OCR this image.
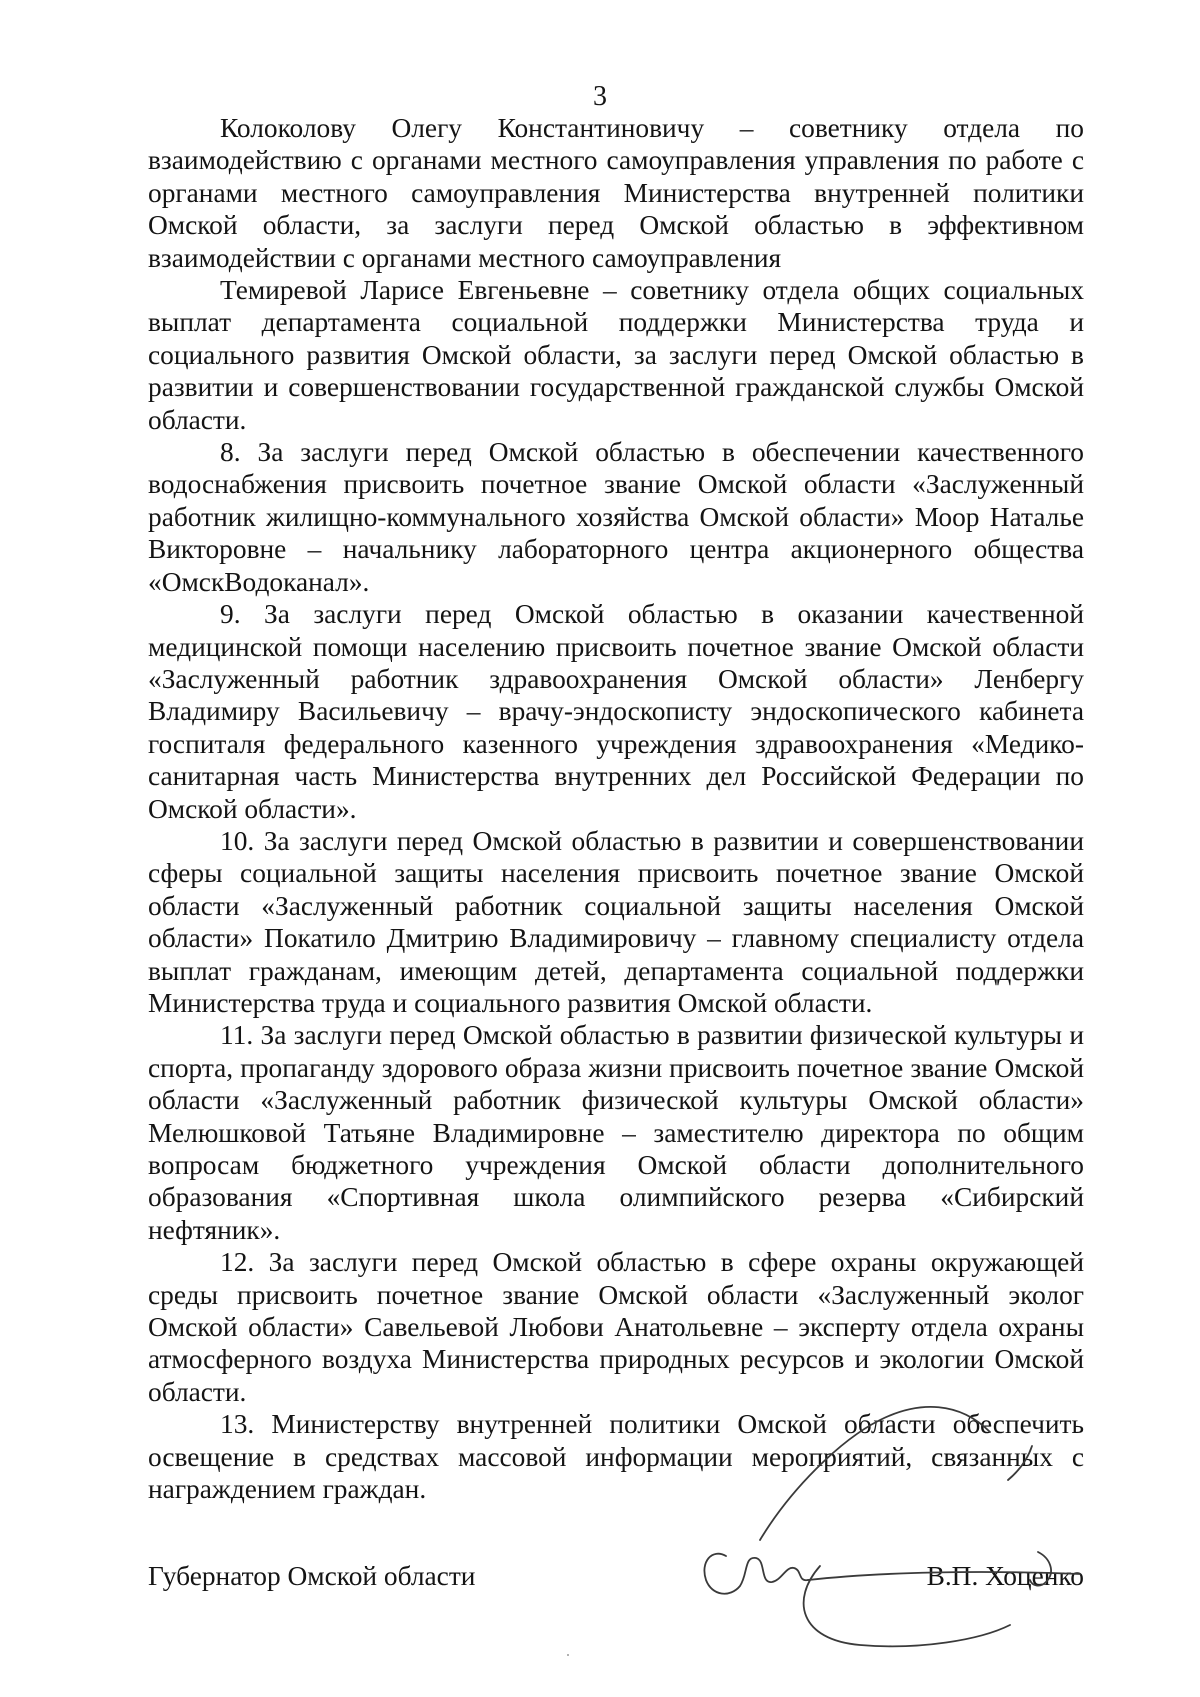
3

Колоколову Олегу Константиновичу – советнику отдела по взаимодействию с органами местного самоуправления управления по работе с органами местного самоуправления Министерства внутренней политики Омской области, за заслуги перед Омской областью в эффективном взаимодействии с органами местного самоуправления

Темиревой Ларисе Евгеньевне – советнику отдела общих социальных выплат департамента социальной поддержки Министерства труда и социального развития Омской области, за заслуги перед Омской областью в развитии и совершенствовании государственной гражданской службы Омской области.

8. За заслуги перед Омской областью в обеспечении качественного водоснабжения присвоить почетное звание Омской области «Заслуженный работник жилищно-коммунального хозяйства Омской области» Моор Наталье Викторовне – начальнику лабораторного центра акционерного общества «ОмскВодоканал».

9. За заслуги перед Омской областью в оказании качественной медицинской помощи населению присвоить почетное звание Омской области «Заслуженный работник здравоохранения Омской области» Ленбергу Владимиру Васильевичу – врачу-эндоскописту эндоскопического кабинета госпиталя федерального казенного учреждения здравоохранения «Медико-санитарная часть Министерства внутренних дел Российской Федерации по Омской области».

10. За заслуги перед Омской областью в развитии и совершенствовании сферы социальной защиты населения присвоить почетное звание Омской области «Заслуженный работник социальной защиты населения Омской области» Покатило Дмитрию Владимировичу – главному специалисту отдела выплат гражданам, имеющим детей, департамента социальной поддержки Министерства труда и социального развития Омской области.

11. За заслуги перед Омской областью в развитии физической культуры и спорта, пропаганду здорового образа жизни присвоить почетное звание Омской области «Заслуженный работник физической культуры Омской области» Мелюшковой Татьяне Владимировне – заместителю директора по общим вопросам бюджетного учреждения Омской области дополнительного образования «Спортивная школа олимпийского резерва «Сибирский нефтяник».

12. За заслуги перед Омской областью в сфере охраны окружающей среды присвоить почетное звание Омской области «Заслуженный эколог Омской области» Савельевой Любови Анатольевне – эксперту отдела охраны атмосферного воздуха Министерства природных ресурсов и экологии Омской области.

13. Министерству внутренней политики Омской области обеспечить освещение в средствах массовой информации мероприятий, связанных с награждением граждан.

Губернатор Омской области	В.П. Хоценко
